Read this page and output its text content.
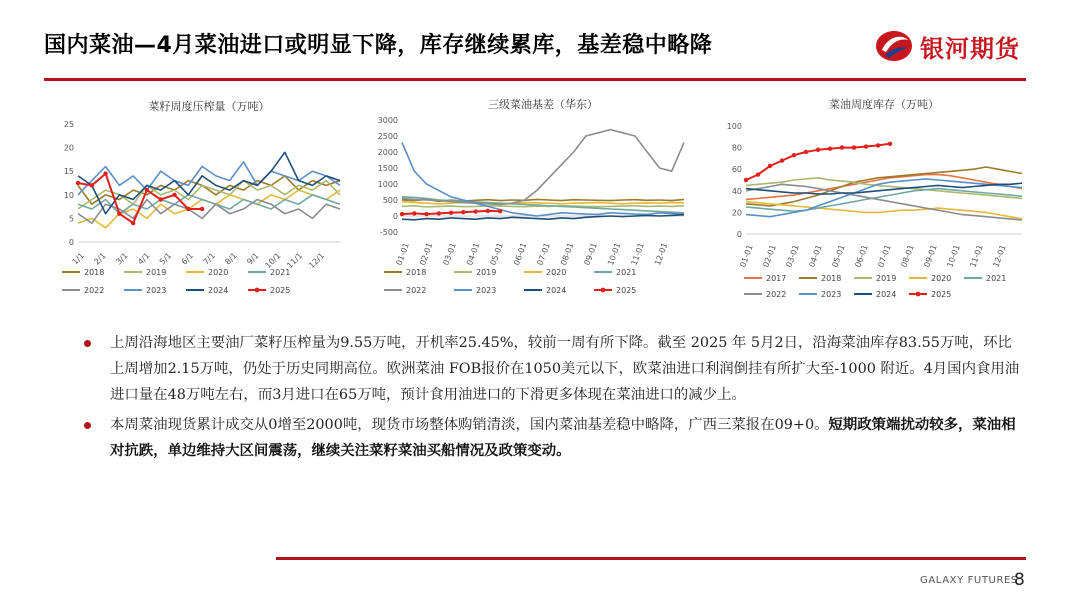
国内菜油—4月菜油进口或明显下降，库存继续累库，基差稳中略降	银河期货
菜籽周度压榨量（万吨）
0
5
10
15
20
25
1/1 2/1 3/1 4/1 5/1 6/1 7/1 8/1 9/1 10/1 11/1 12/1
2018	2019	2020	2021
2022	2023	2024	2025
三级菜油基差（华东）
-500
0
500
1000
1500
2000
2500
3000
01-01 02-01 03-01 04-01 05-01 06-01 07-01 08-01 09-01 10-01 11-01 12-01
2018	2019	2020	2021
2022	2023	2024	2025
菜油周度库存（万吨）
0
20
40
60
80
100
01-01 02-01 03-01 04-01 05-01 06-01 07-01 08-01 09-01 10-01 11-01 12-01
2017	2018	2019	2020	2021
2022	2023	2024	2025
上周沿海地区主要油厂菜籽压榨量为9.55万吨，开机率25.45%，较前一周有所下降。截至 2025 年 5月2日，沿海菜油库存83.55万吨，环比上周增加2.15万吨，仍处于历史同期高位。欧洲菜油 FOB报价在1050美元以下，欧菜油进口利润倒挂有所扩大至-1000 附近。4月国内食用油进口量在48万吨左右，而3月进口在65万吨，预计食用油进口的下滑更多体现在菜油进口的减少上。
本周菜油现货累计成交从0增至2000吨，现货市场整体购销清淡，国内菜油基差稳中略降，广西三菜报在09+0。短期政策端扰动较多，菜油相对抗跌，单边维持大区间震荡，继续关注菜籽菜油买船情况及政策变动。
GALAXY FUTURES
8
